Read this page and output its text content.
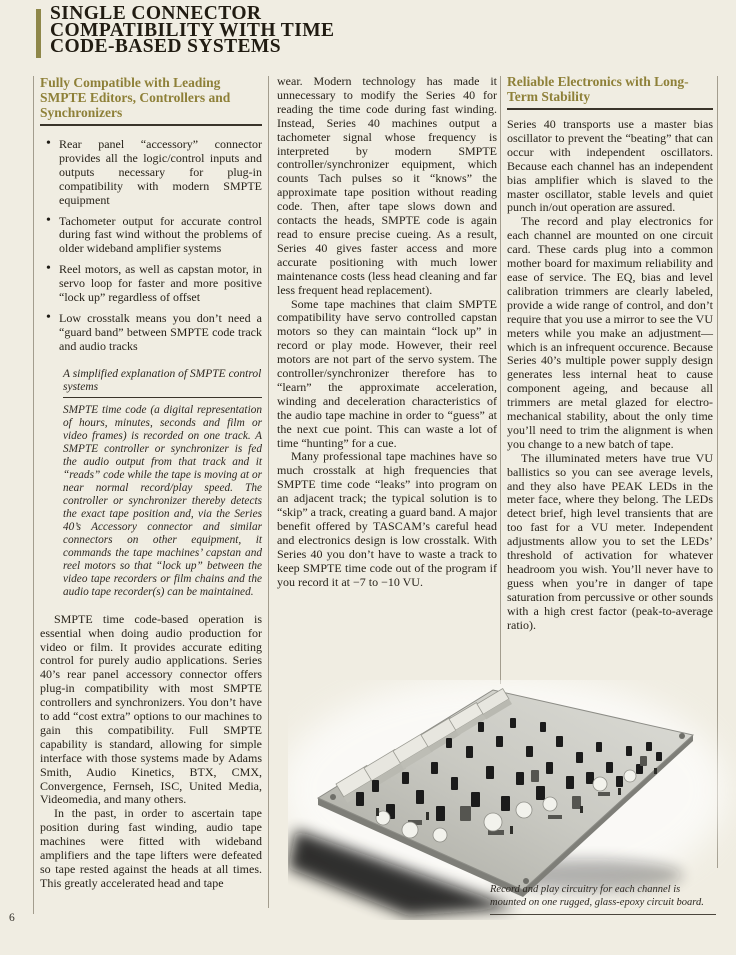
SINGLE CONNECTOR
COMPATIBILITY WITH TIME
CODE-BASED SYSTEMS
Fully Compatible with Leading SMPTE Editors, Controllers and Synchronizers
• Rear panel “accessory” connector provides all the logic/control inputs and outputs necessary for plug-in compatibility with modern SMPTE equipment
• Tachometer output for accurate control during fast wind without the problems of older wideband amplifier systems
• Reel motors, as well as capstan motor, in servo loop for faster and more positive “lock up” regardless of offset
• Low crosstalk means you don’t need a “guard band” between SMPTE code track and audio tracks
A simplified explanation of SMPTE control systems

SMPTE time code (a digital representation of hours, minutes, seconds and film or video frames) is recorded on one track. A SMPTE controller or synchronizer is fed the audio output from that track and it “reads” code while the tape is moving at or near normal record/play speed. The controller or synchronizer thereby detects the exact tape position and, via the Series 40’s Accessory connector and similar connectors on other equipment, it commands the tape machines’ capstan and reel motors so that “lock up” between the video tape recorders or film chains and the audio tape recorder(s) can be maintained.

SMPTE time code-based operation is essential when doing audio production for video or film. It provides accurate editing control for purely audio applications. Series 40’s rear panel accessory connector offers plug-in compatibility with most SMPTE controllers and synchronizers. You don’t have to add “cost extra” options to our machines to gain this compatibility. Full SMPTE capability is standard, allowing for simple interface with those systems made by Adams Smith, Audio Kinetics, BTX, CMX, Convergence, Fernseh, ISC, United Media, Videomedia, and many others.

In the past, in order to ascertain tape position during fast winding, audio tape machines were fitted with wideband amplifiers and the tape lifters were defeated so tape rested against the heads at all times. This greatly accelerated head and tape

wear. Modern technology has made it unnecessary to modify the Series 40 for reading the time code during fast winding. Instead, Series 40 machines output a tachometer signal whose frequency is interpreted by modern SMPTE controller/synchronizer equipment, which counts Tach pulses so it “knows” the approximate tape position without reading code. Then, after tape slows down and contacts the heads, SMPTE code is again read to ensure precise cueing. As a result, Series 40 gives faster access and more accurate positioning with much lower maintenance costs (less head cleaning and far less frequent head replacement).

Some tape machines that claim SMPTE compatibility have servo controlled capstan motors so they can maintain “lock up” in record or play mode. However, their reel motors are not part of the servo system. The controller/synchronizer therefore has to “learn” the approximate acceleration, winding and deceleration characteristics of the audio tape machine in order to “guess” at the next cue point. This can waste a lot of time “hunting” for a cue.

Many professional tape machines have so much crosstalk at high frequencies that SMPTE time code “leaks” into program on an adjacent track; the typical solution is to “skip” a track, creating a guard band. A major benefit offered by TASCAM’s careful head and electronics design is low crosstalk. With Series 40 you don’t have to waste a track to keep SMPTE time code out of the program if you record it at −7 to −10 VU.

Reliable Electronics with Long-Term Stability

Series 40 transports use a master bias oscillator to prevent the “beating” that can occur with independent oscillators. Because each channel has an independent bias amplifier which is slaved to the master oscillator, stable levels and quiet punch in/out operation are assured.

The record and play electronics for each channel are mounted on one circuit card. These cards plug into a common mother board for maximum reliability and ease of service. The EQ, bias and level calibration trimmers are clearly labeled, provide a wide range of control, and don’t require that you use a mirror to see the VU meters while you make an adjustment—which is an infrequent occurence. Because Series 40’s multiple power supply design generates less internal heat to cause component ageing, and because all trimmers are metal glazed for electro-mechanical stability, about the only time you’ll need to trim the alignment is when you change to a new batch of tape.

The illuminated meters have true VU ballistics so you can see average levels, and they also have PEAK LEDs in the meter face, where they belong. The LEDs detect brief, high level transients that are too fast for a VU meter. Independent adjustments allow you to set the LEDs’ threshold of activation for whatever headroom you wish. You’ll never have to guess when you’re in danger of tape saturation from percussive or other sounds with a high crest factor (peak-to-average ratio).

Record and play circuitry for each channel is mounted on one rugged, glass-epoxy circuit board.
6
